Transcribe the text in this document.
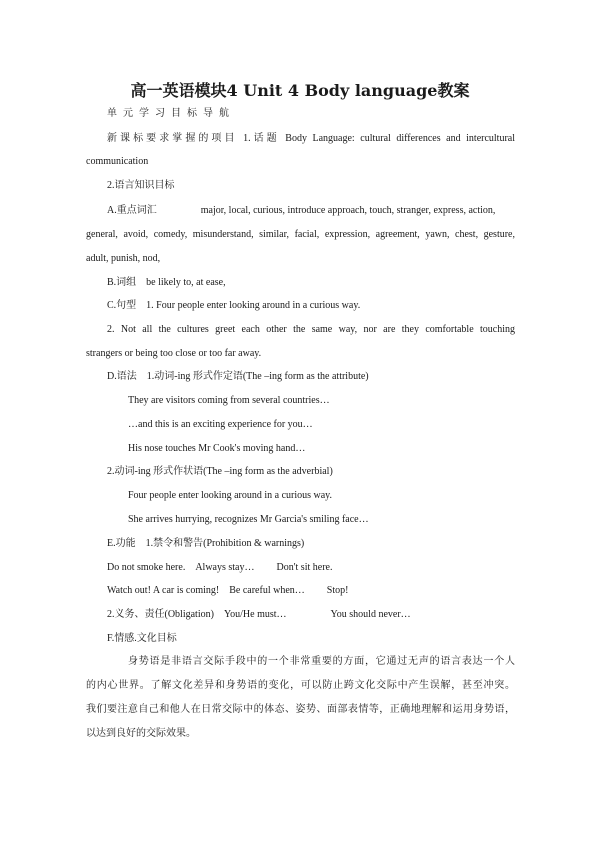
高一英语模块4 Unit 4 Body language教案
单元学习目标导航
新课标要求掌握的项目 1.话题 Body Language: cultural differences and intercultural
communication
2.语言知识目标
A.重点词汇	major, local, curious, introduce approach, touch, stranger, express, action,
general, avoid, comedy, misunderstand, similar, facial, expression, agreement, yawn, chest, gesture,
adult, punish, nod,
B.词组 be likely to, at ease,
C.句型 1. Four people enter looking around in a curious way.
2. Not all the cultures greet each other the same way, nor are they comfortable touching
strangers or being too close or too far away.
D.语法 1.动词-ing 形式作定语(The –ing form as the attribute)
They are visitors coming from several countries…
…and this is an exciting experience for you…
His nose touches Mr Cook's moving hand…
2.动词-ing 形式作状语(The –ing form as the adverbial)
Four people enter looking around in a curious way.
She arrives hurrying, recognizes Mr Garcia's smiling face…
E.功能 1.禁令和警告(Prohibition & warnings)
Do not smoke here. Always stay… Don't sit here.
Watch out! A car is coming! Be careful when… Stop!
2.义务、责任(Obligation) You/He must…	You should never…
F.情感.文化目标
身势语是非语言交际手段中的一个非常重要的方面，它通过无声的语言表达一个人
的内心世界。了解文化差异和身势语的变化，可以防止跨文化交际中产生误解，甚至冲突。
我们要注意自己和他人在日常交际中的体态、姿势、面部表情等，正确地理解和运用身势语，
以达到良好的交际效果。
